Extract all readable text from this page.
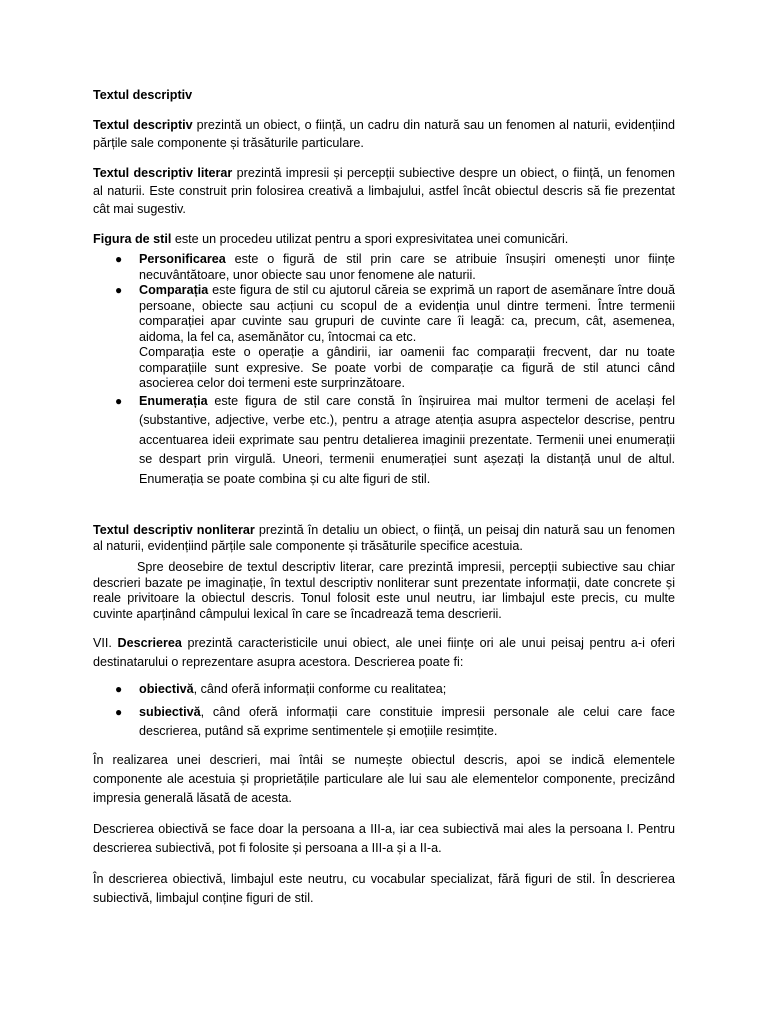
Textul descriptiv

Textul descriptiv prezintă un obiect, o ființă, un cadru din natură sau un fenomen al naturii, evidențiind părțile sale componente și trăsăturile particulare.

Textul descriptiv literar prezintă impresii și percepții subiective despre un obiect, o ființă, un fenomen al naturii. Este construit prin folosirea creativă a limbajului, astfel încât obiectul descris să fie prezentat cât mai sugestiv.

Figura de stil este un procedeu utilizat pentru a spori expresivitatea unei comunicări.

● Personificarea este o figură de stil prin care se atribuie însușiri omenești unor ființe necuvântătoare, unor obiecte sau unor fenomene ale naturii.
● Comparația este figura de stil cu ajutorul căreia se exprimă un raport de asemănare între două persoane, obiecte sau acțiuni cu scopul de a evidenția unul dintre termeni. Între termenii comparației apar cuvinte sau grupuri de cuvinte care îi leagă: ca, precum, cât, asemenea, aidoma, la fel ca, asemănător cu, întocmai ca etc.
Comparația este o operație a gândirii, iar oamenii fac comparații frecvent, dar nu toate comparațiile sunt expresive. Se poate vorbi de comparație ca figură de stil atunci când asocierea celor doi termeni este surprinzătoare.
● Enumerația este figura de stil care constă în înșiruirea mai multor termeni de același fel (substantive, adjective, verbe etc.), pentru a atrage atenția asupra aspectelor descrise, pentru accentuarea ideii exprimate sau pentru detalierea imaginii prezentate. Termenii unei enumerații se despart prin virgulă. Uneori, termenii enumerației sunt așezați la distanță unul de altul. Enumerația se poate combina și cu alte figuri de stil.

Textul descriptiv nonliterar prezintă în detaliu un obiect, o ființă, un peisaj din natură sau un fenomen al naturii, evidențiind părțile sale componente și trăsăturile specifice acestuia.

Spre deosebire de textul descriptiv literar, care prezintă impresii, percepții subiective sau chiar descrieri bazate pe imaginație, în textul descriptiv nonliterar sunt prezentate informații, date concrete și reale privitoare la obiectul descris. Tonul folosit este unul neutru, iar limbajul este precis, cu multe cuvinte aparținând câmpului lexical în care se încadrează tema descrierii.

VII. Descrierea prezintă caracteristicile unui obiect, ale unei ființe ori ale unui peisaj pentru a-i oferi destinatarului o reprezentare asupra acestora. Descrierea poate fi:

● obiectivă, când oferă informații conforme cu realitatea;
● subiectivă, când oferă informații care constituie impresii personale ale celui care face descrierea, putând să exprime sentimentele și emoțiile resimțite.

În realizarea unei descrieri, mai întâi se numește obiectul descris, apoi se indică elementele componente ale acestuia și proprietățile particulare ale lui sau ale elementelor componente, precizând impresia generală lăsată de acesta.

Descrierea obiectivă se face doar la persoana a III-a, iar cea subiectivă mai ales la persoana I. Pentru descrierea subiectivă, pot fi folosite și persoana a III-a și a II-a.

În descrierea obiectivă, limbajul este neutru, cu vocabular specializat, fără figuri de stil. În descrierea subiectivă, limbajul conține figuri de stil.
